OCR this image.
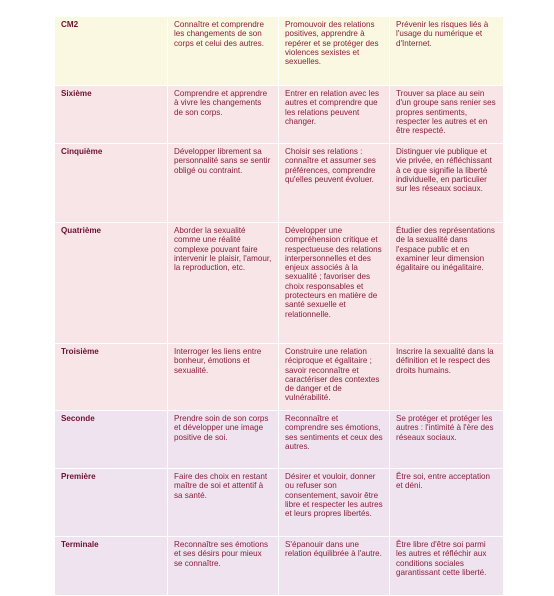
CM2	Connaître et comprendre les changements de son corps et celui des autres.
Promouvoir des relations positives, apprendre à repérer et se protéger des violences sexistes et sexuelles.
Prévenir les risques liés à l'usage du numérique et d'Internet.
Sixième	Comprendre et apprendre à vivre les changements de son corps.
Entrer en relation avec les autres et comprendre que les relations peuvent changer.
Trouver sa place au sein d'un groupe sans renier ses propres sentiments, respecter les autres et en être respecté.
Cinquième	Développer librement sa personnalité sans se sentir obligé ou contraint.
Choisir ses relations : connaître et assumer ses préférences, comprendre qu'elles peuvent évoluer.
Distinguer vie publique et vie privée, en réfléchissant à ce que signifie la liberté individuelle, en particulier sur les réseaux sociaux.
Quatrième	Aborder la sexualité comme une réalité complexe pouvant faire intervenir le plaisir, l'amour, la reproduction, etc.
Développer une compréhension critique et respectueuse des relations interpersonnelles et des enjeux associés à la sexualité ; favoriser des choix responsables et protecteurs en matière de santé sexuelle et relationnelle.
Étudier des représentations de la sexualité dans l'espace public et en examiner leur dimension égalitaire ou inégalitaire.
Troisième	Interroger les liens entre bonheur, émotions et sexualité.
Construire une relation réciproque et égalitaire ; savoir reconnaître et caractériser des contextes de danger et de vulnérabilité.
Inscrire la sexualité dans la définition et le respect des droits humains.
Seconde	Prendre soin de son corps et développer une image positive de soi.
Reconnaître et comprendre ses émotions, ses sentiments et ceux des autres.
Se protéger et protéger les autres : l'intimité à l'ère des réseaux sociaux.
Première	Faire des choix en restant maître de soi et attentif à sa santé.
Désirer et vouloir, donner ou refuser son consentement, savoir être libre et respecter les autres et leurs propres libertés.
Être soi, entre acceptation et déni.
Terminale	Reconnaître ses émotions et ses désirs pour mieux se connaître.
S'épanouir dans une relation équilibrée à l'autre.
Être libre d'être soi parmi les autres et réfléchir aux conditions sociales garantissant cette liberté.
